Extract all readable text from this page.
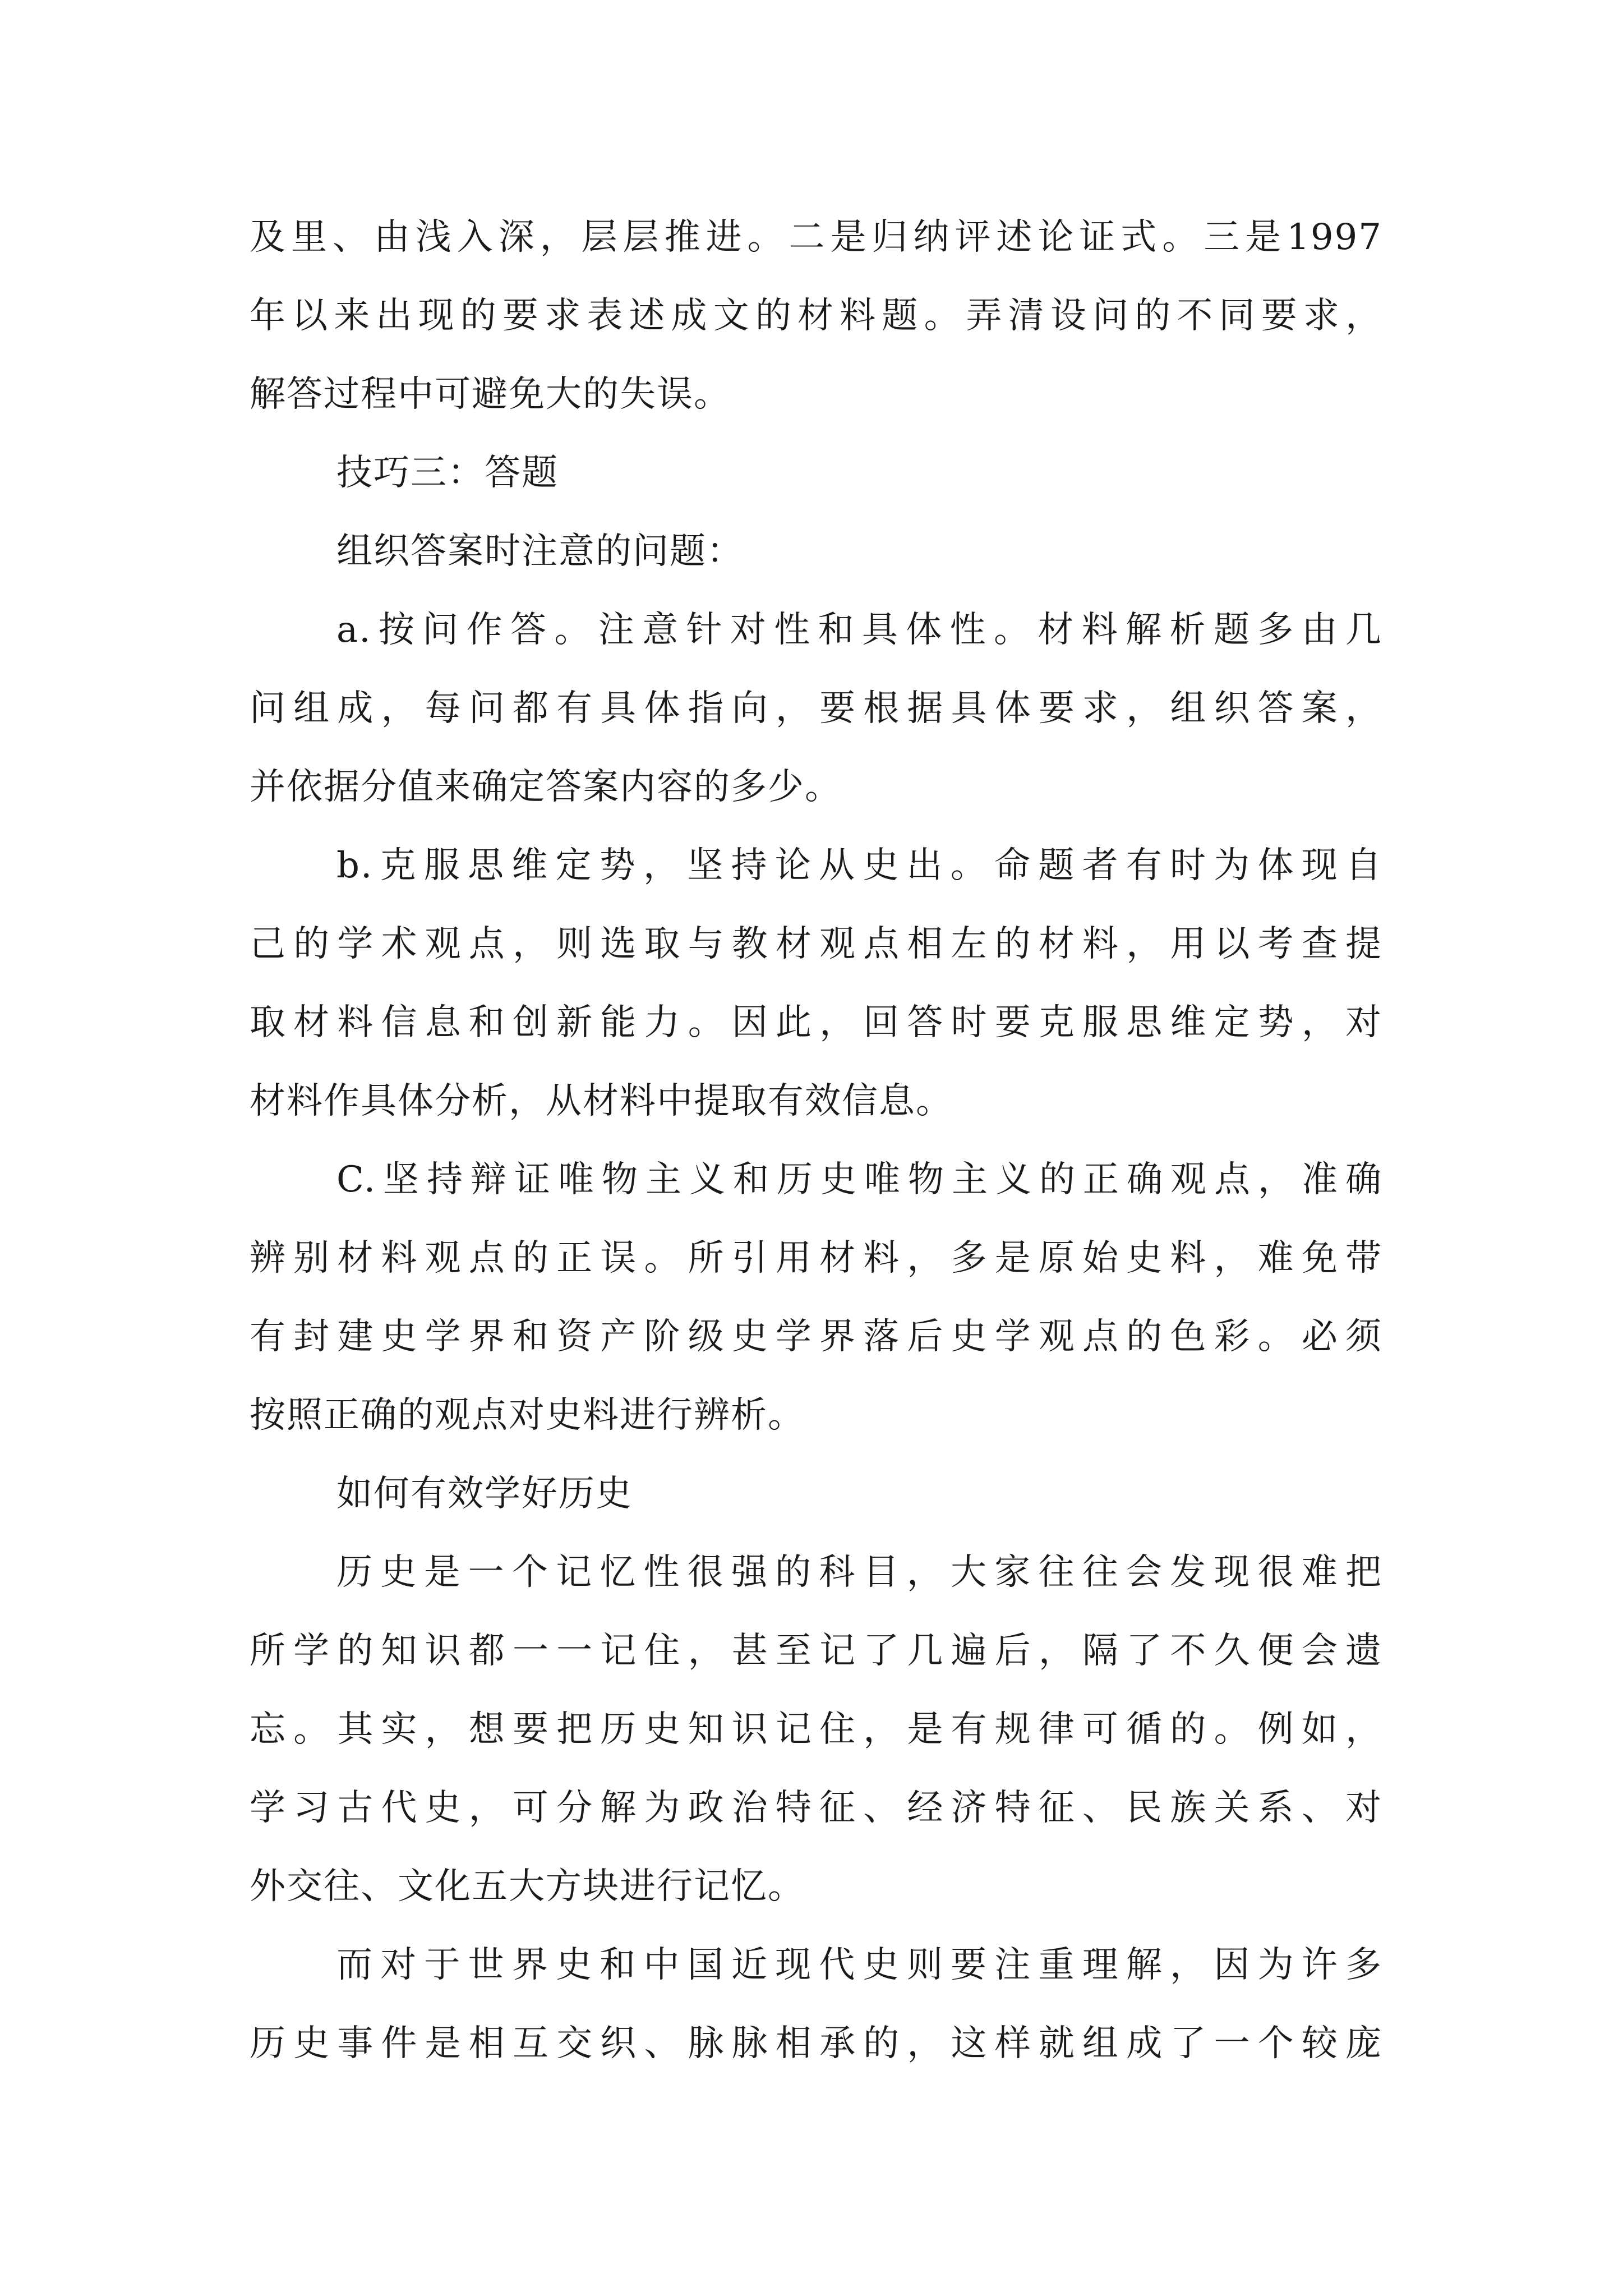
及里、由浅入深，层层推进。二是归纳评述论证式。三是1997
年以来出现的要求表述成文的材料题。弄清设问的不同要求，
解答过程中可避免大的失误。
技巧三：答题
组织答案时注意的问题：
a.按问作答。注意针对性和具体性。材料解析题多由几
问组成，每问都有具体指向，要根据具体要求，组织答案，
并依据分值来确定答案内容的多少。
b.克服思维定势，坚持论从史出。命题者有时为体现自
己的学术观点，则选取与教材观点相左的材料，用以考查提
取材料信息和创新能力。因此，回答时要克服思维定势，对
材料作具体分析，从材料中提取有效信息。
C.坚持辩证唯物主义和历史唯物主义的正确观点，准确
辨别材料观点的正误。所引用材料，多是原始史料，难免带
有封建史学界和资产阶级史学界落后史学观点的色彩。必须
按照正确的观点对史料进行辨析。
如何有效学好历史
历史是一个记忆性很强的科目，大家往往会发现很难把
所学的知识都一一记住，甚至记了几遍后，隔了不久便会遗
忘。其实，想要把历史知识记住，是有规律可循的。例如，
学习古代史，可分解为政治特征、经济特征、民族关系、对
外交往、文化五大方块进行记忆。
而对于世界史和中国近现代史则要注重理解，因为许多
历史事件是相互交织、脉脉相承的，这样就组成了一个较庞
